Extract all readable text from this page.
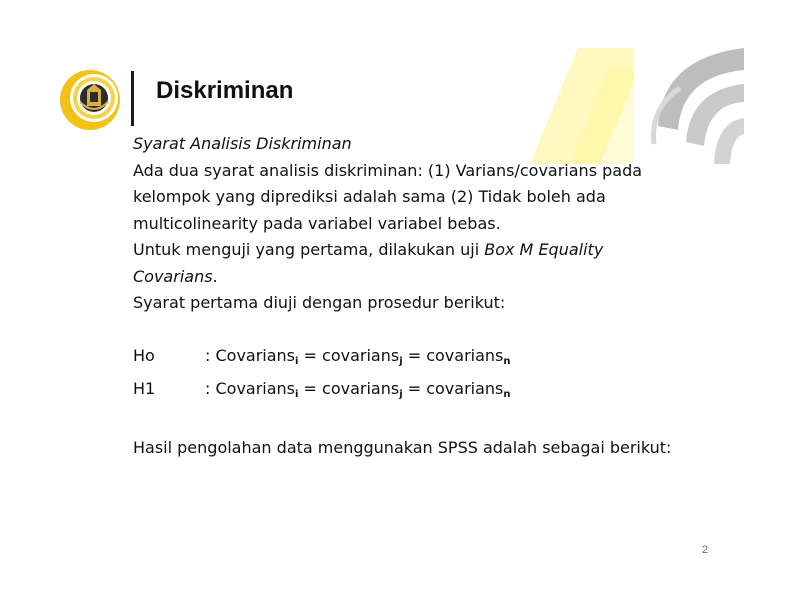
Diskriminan
Syarat Analisis Diskriminan
Ada dua syarat analisis diskriminan: (1) Varians/covarians pada
kelompok yang diprediksi adalah sama (2) Tidak boleh ada
multicolinearity pada variabel variabel bebas.
Untuk menguji yang pertama, dilakukan uji Box M Equality
Covarians.
Syarat pertama diuji dengan prosedur berikut:
Ho	: Covarians$_i$ = covarians$_j$ = covarians$_n$
H1	: Covarians$_i$ = covarians$_j$ = covarians$_n$
Hasil pengolahan data menggunakan SPSS adalah sebagai berikut:
2
